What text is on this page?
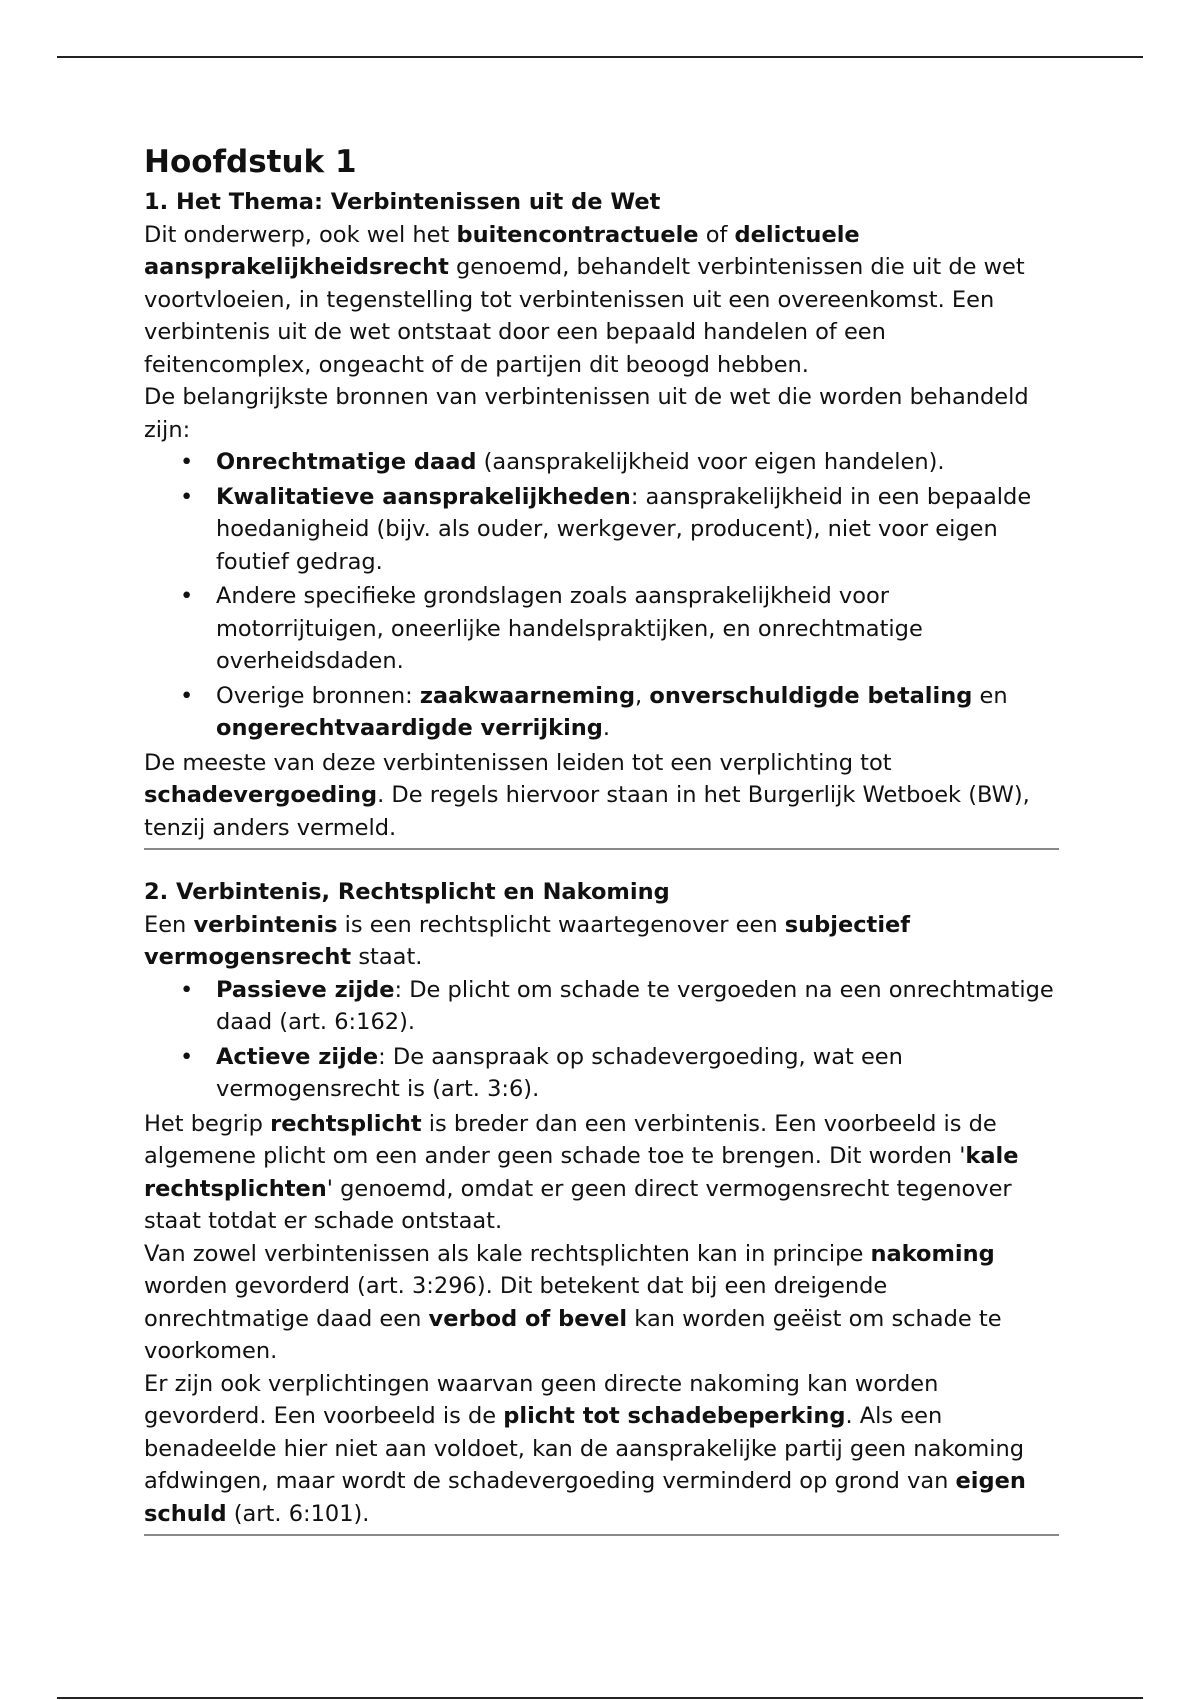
Hoofdstuk 1
1. Het Thema: Verbintenissen uit de Wet

Dit onderwerp, ook wel het buitencontractuele of delictuele aansprakelijkheidsrecht genoemd, behandelt verbintenissen die uit de wet voortvloeien, in tegenstelling tot verbintenissen uit een overeenkomst. Een verbintenis uit de wet ontstaat door een bepaald handelen of een feitencomplex, ongeacht of de partijen dit beoogd hebben.

De belangrijkste bronnen van verbintenissen uit de wet die worden behandeld zijn:

• Onrechtmatige daad (aansprakelijkheid voor eigen handelen).
• Kwalitatieve aansprakelijkheden: aansprakelijkheid in een bepaalde hoedanigheid (bijv. als ouder, werkgever, producent), niet voor eigen foutief gedrag.
• Andere specifieke grondslagen zoals aansprakelijkheid voor motorrijtuigen, oneerlijke handelspraktijken, en onrechtmatige overheidsdaden.
• Overige bronnen: zaakwaarneming, onverschuldigde betaling en ongerechtvaardigde verrijking.

De meeste van deze verbintenissen leiden tot een verplichting tot schadevergoeding. De regels hiervoor staan in het Burgerlijk Wetboek (BW), tenzij anders vermeld.

2. Verbintenis, Rechtsplicht en Nakoming

Een verbintenis is een rechtsplicht waartegenover een subjectief vermogensrecht staat.

• Passieve zijde: De plicht om schade te vergoeden na een onrechtmatige daad (art. 6:162).
• Actieve zijde: De aanspraak op schadevergoeding, wat een vermogensrecht is (art. 3:6).

Het begrip rechtsplicht is breder dan een verbintenis. Een voorbeeld is de algemene plicht om een ander geen schade toe te brengen. Dit worden 'kale rechtsplichten' genoemd, omdat er geen direct vermogensrecht tegenover staat totdat er schade ontstaat.

Van zowel verbintenissen als kale rechtsplichten kan in principe nakoming worden gevorderd (art. 3:296). Dit betekent dat bij een dreigende onrechtmatige daad een verbod of bevel kan worden geëist om schade te voorkomen.

Er zijn ook verplichtingen waarvan geen directe nakoming kan worden gevorderd. Een voorbeeld is de plicht tot schadebeperking. Als een benadeelde hier niet aan voldoet, kan de aansprakelijke partij geen nakoming afdwingen, maar wordt de schadevergoeding verminderd op grond van eigen schuld (art. 6:101).
